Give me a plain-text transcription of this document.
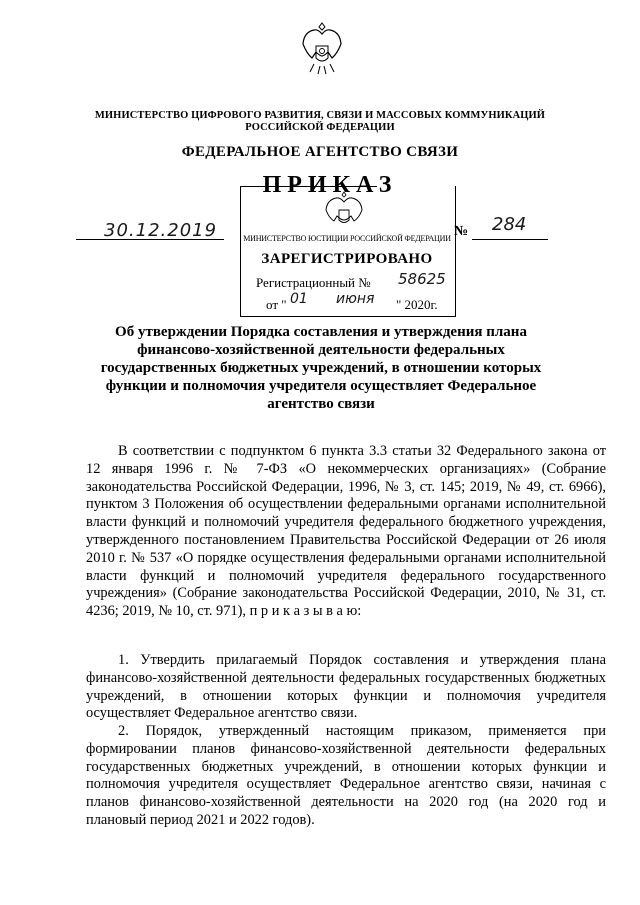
МИНИСТЕРСТВО ЦИФРОВОГО РАЗВИТИЯ, СВЯЗИ И МАССОВЫХ КОММУНИКАЦИЙ
РОССИЙСКОЙ ФЕДЕРАЦИИ
ФЕДЕРАЛЬНОЕ АГЕНТСТВО СВЯЗИ
ПРИКАЗ
30.12.2019	№ 284
МИНИСТЕРСТВО ЮСТИЦИИ РОССИЙСКОЙ ФЕДЕРАЦИИ
ЗАРЕГИСТРИРОВАНО
Регистрационный № 58625
от " 01 июня " 2020г.
Об утверждении Порядка составления и утверждения плана финансово-хозяйственной деятельности федеральных государственных бюджетных учреждений, в отношении которых функции и полномочия учредителя осуществляет Федеральное агентство связи
В соответствии с подпунктом 6 пункта 3.3 статьи 32 Федерального закона от 12 января 1996 г. № 7-ФЗ «О некоммерческих организациях» (Собрание законодательства Российской Федерации, 1996, № 3, ст. 145; 2019, № 49, ст. 6966), пунктом 3 Положения об осуществлении федеральными органами исполнительной власти функций и полномочий учредителя федерального бюджетного учреждения, утвержденного постановлением Правительства Российской Федерации от 26 июля 2010 г. № 537 «О порядке осуществления федеральными органами исполнительной власти функций и полномочий учредителя федерального государственного учреждения» (Собрание законодательства Российской Федерации, 2010, № 31, ст. 4236; 2019, № 10, ст. 971), п р и к а з ы в а ю:
1. Утвердить прилагаемый Порядок составления и утверждения плана финансово-хозяйственной деятельности федеральных государственных бюджетных учреждений, в отношении которых функции и полномочия учредителя осуществляет Федеральное агентство связи.
2. Порядок, утвержденный настоящим приказом, применяется при формировании планов финансово-хозяйственной деятельности федеральных государственных бюджетных учреждений, в отношении которых функции и полномочия учредителя осуществляет Федеральное агентство связи, начиная с планов финансово-хозяйственной деятельности на 2020 год (на 2020 год и плановый период 2021 и 2022 годов).
